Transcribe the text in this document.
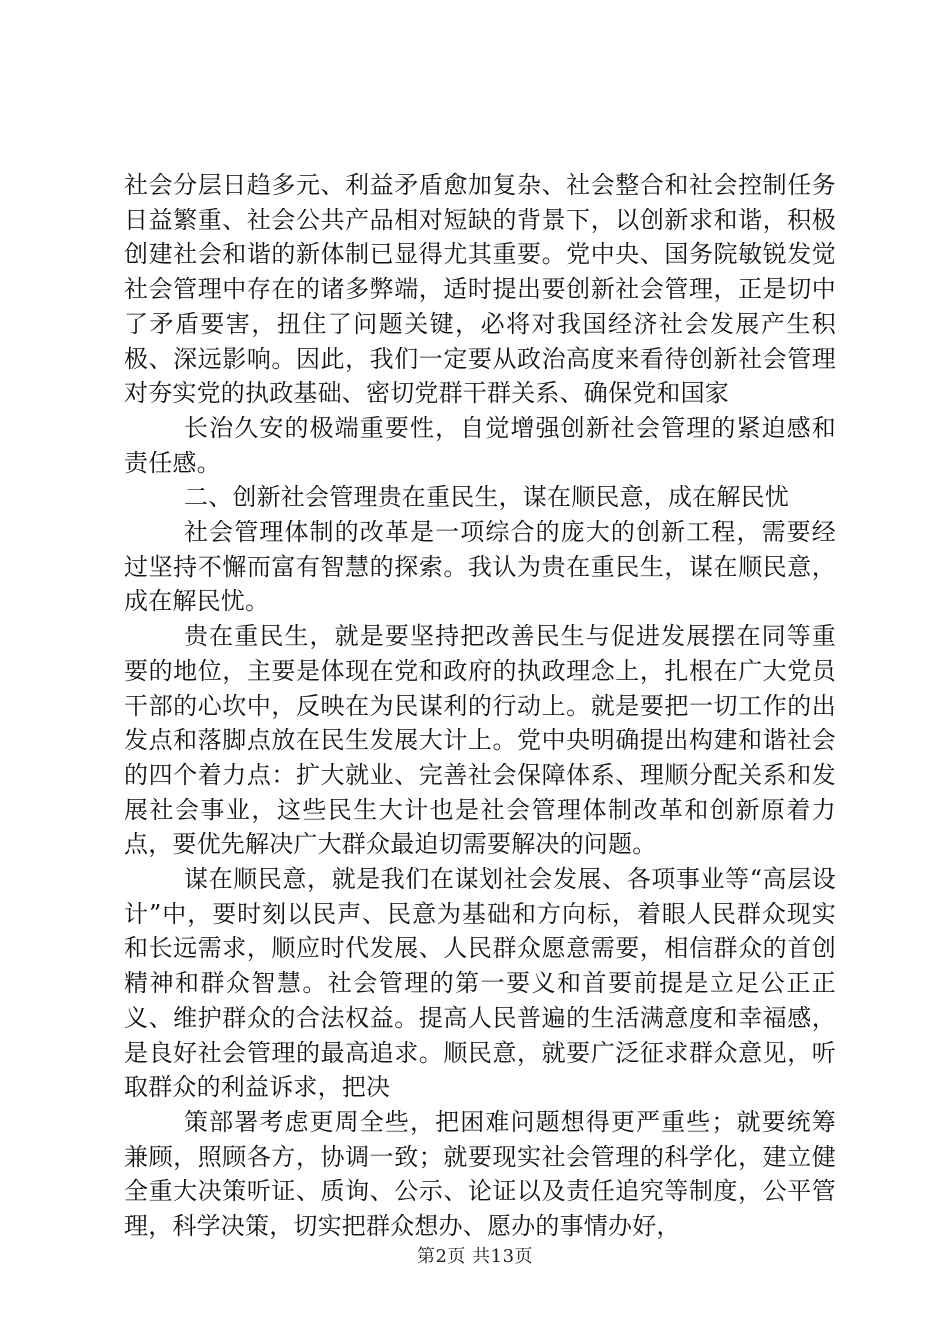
社会分层日趋多元、利益矛盾愈加复杂、社会整合和社会控制任务日益繁重、社会公共产品相对短缺的背景下，以创新求和谐，积极创建社会和谐的新体制已显得尤其重要。党中央、国务院敏锐发觉社会管理中存在的诸多弊端，适时提出要创新社会管理，正是切中了矛盾要害，扭住了问题关键，必将对我国经济社会发展产生积极、深远影响。因此，我们一定要从政治高度来看待创新社会管理对夯实党的执政基础、密切党群干群关系、确保党和国家

长治久安的极端重要性，自觉增强创新社会管理的紧迫感和责任感。

二、创新社会管理贵在重民生，谋在顺民意，成在解民忧

社会管理体制的改革是一项综合的庞大的创新工程，需要经过坚持不懈而富有智慧的探索。我认为贵在重民生，谋在顺民意，成在解民忧。

贵在重民生，就是要坚持把改善民生与促进发展摆在同等重要的地位，主要是体现在党和政府的执政理念上，扎根在广大党员干部的心坎中，反映在为民谋利的行动上。就是要把一切工作的出发点和落脚点放在民生发展大计上。党中央明确提出构建和谐社会的四个着力点：扩大就业、完善社会保障体系、理顺分配关系和发展社会事业，这些民生大计也是社会管理体制改革和创新原着力点，要优先解决广大群众最迫切需要解决的问题。

谋在顺民意，就是我们在谋划社会发展、各项事业等“高层设计”中，要时刻以民声、民意为基础和方向标，着眼人民群众现实和长远需求，顺应时代发展、人民群众愿意需要，相信群众的首创精神和群众智慧。社会管理的第一要义和首要前提是立足公正正义、维护群众的合法权益。提高人民普遍的生活满意度和幸福感，是良好社会管理的最高追求。顺民意，就要广泛征求群众意见，听取群众的利益诉求，把决

策部署考虑更周全些，把困难问题想得更严重些；就要统筹兼顾，照顾各方，协调一致；就要现实社会管理的科学化，建立健全重大决策听证、质询、公示、论证以及责任追究等制度，公平管理，科学决策，切实把群众想办、愿办的事情办好，

第2页 共13页
